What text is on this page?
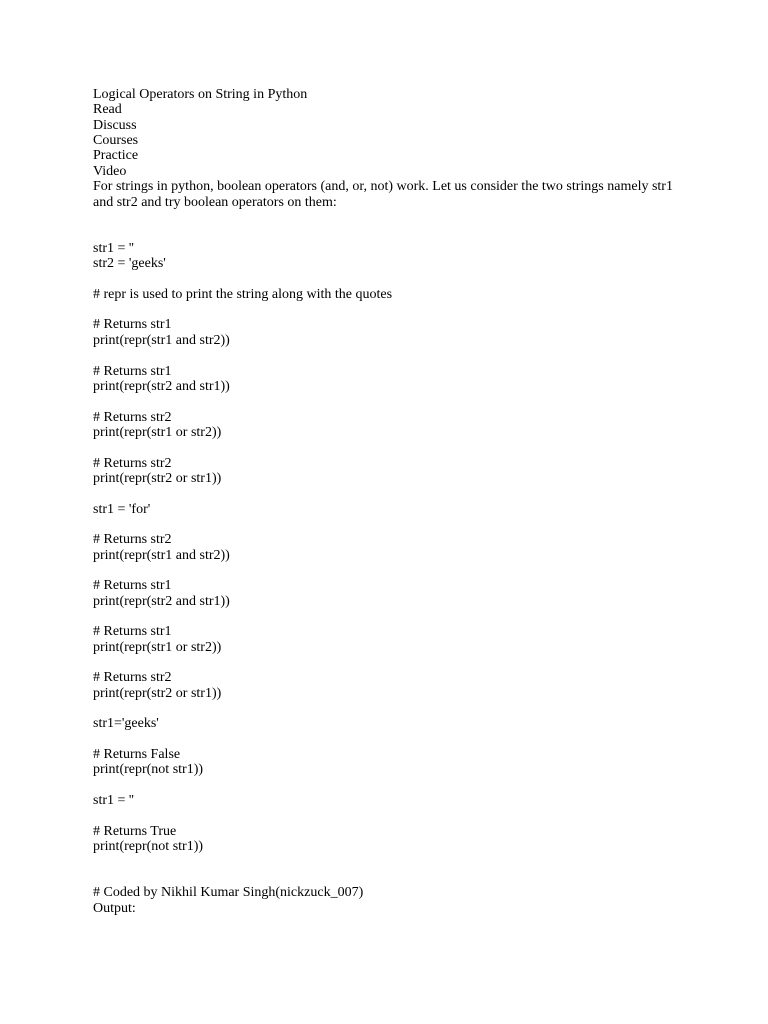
Logical Operators on String in Python
Read
Discuss
Courses
Practice
Video
For strings in python, boolean operators (and, or, not) work. Let us consider the two strings namely str1 and str2 and try boolean operators on them:
str1 = ''
str2 = 'geeks'
# repr is used to print the string along with the quotes
# Returns str1
print(repr(str1 and str2))
# Returns str1
print(repr(str2 and str1))
# Returns str2
print(repr(str1 or str2))
# Returns str2
print(repr(str2 or str1))
str1 = 'for'
# Returns str2
print(repr(str1 and str2))
# Returns str1
print(repr(str2 and str1))
# Returns str1
print(repr(str1 or str2))
# Returns str2
print(repr(str2 or str1))
str1='geeks'
# Returns False
print(repr(not str1))
str1 = ''
# Returns True
print(repr(not str1))
# Coded by Nikhil Kumar Singh(nickzuck_007)
Output:
